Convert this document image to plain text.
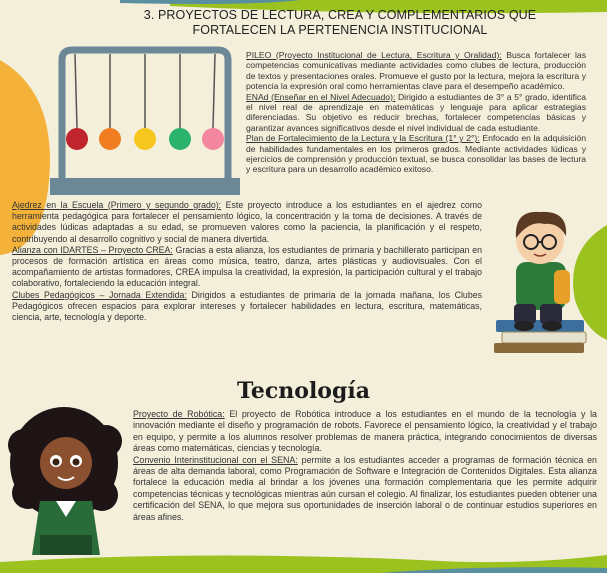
3. PROYECTOS DE LECTURA, CREA Y COMPLEMENTARIOS QUE FORTALECEN LA PERTENENCIA INSTITUCIONAL

PILEO (Proyecto Institucional de Lectura, Escritura y Oralidad): Busca fortalecer las competencias comunicativas mediante actividades como clubes de lectura, producción de textos y presentaciones orales. Promueve el gusto por la lectura, mejora la escritura y potencia la expresión oral como herramientas clave para el desempeño académico.

ENAd (Enseñar en el Nivel Adecuado): Dirigido a estudiantes de 3° a 5° grado, identifica el nivel real de aprendizaje en matemáticas y lenguaje para aplicar estrategias diferenciadas. Su objetivo es reducir brechas, fortalecer competencias básicas y garantizar avances significativos desde el nivel individual de cada estudiante.

Plan de Fortalecimiento de la Lectura y la Escritura (1° y 2°): Enfocado en la adquisición de habilidades fundamentales en los primeros grados. Mediante actividades lúdicas y ejercicios de comprensión y producción textual, se busca consolidar las bases de lectura y escritura para un desarrollo académico exitoso.

Ajedrez en la Escuela (Primero y segundo grado): Este proyecto introduce a los estudiantes en el ajedrez como herramienta pedagógica para fortalecer el pensamiento lógico, la concentración y la toma de decisiones. A través de actividades lúdicas adaptadas a su edad, se promueven valores como la paciencia, la planificación y el respeto, contribuyendo al desarrollo cognitivo y social de manera divertida.

Alianza con IDARTES – Proyecto CREA: Gracias a esta alianza, los estudiantes de primaria y bachillerato participan en procesos de formación artística en áreas como música, teatro, danza, artes plásticas y audiovisuales. Con el acompañamiento de artistas formadores, CREA impulsa la creatividad, la expresión, la participación cultural y el trabajo colaborativo, fortaleciendo la educación integral.

Clubes Pedagógicos – Jornada Extendida: Dirigidos a estudiantes de primaria de la jornada mañana, los Clubes Pedagógicos ofrecen espacios para explorar intereses y fortalecer habilidades en lectura, escritura, matemáticas, ciencia, arte, tecnología y deporte.

Tecnología

Proyecto de Robótica: El proyecto de Robótica introduce a los estudiantes en el mundo de la tecnología y la innovación mediante el diseño y programación de robots. Favorece el pensamiento lógico, la creatividad y el trabajo en equipo, y permite a los alumnos resolver problemas de manera práctica, integrando conocimientos de diversas áreas como matemáticas, ciencias y tecnología.

Convenio Interinstitucional con el SENA: permite a los estudiantes acceder a programas de formación técnica en áreas de alta demanda laboral, como Programación de Software e Integración de Contenidos Digitales. Esta alianza fortalece la educación media al brindar a los jóvenes una formación complementaria que les permite adquirir competencias técnicas y tecnológicas mientras aún cursan el colegio. Al finalizar, los estudiantes pueden obtener una certificación del SENA, lo que mejora sus oportunidades de inserción laboral o de continuar estudios superiores en áreas afines.
